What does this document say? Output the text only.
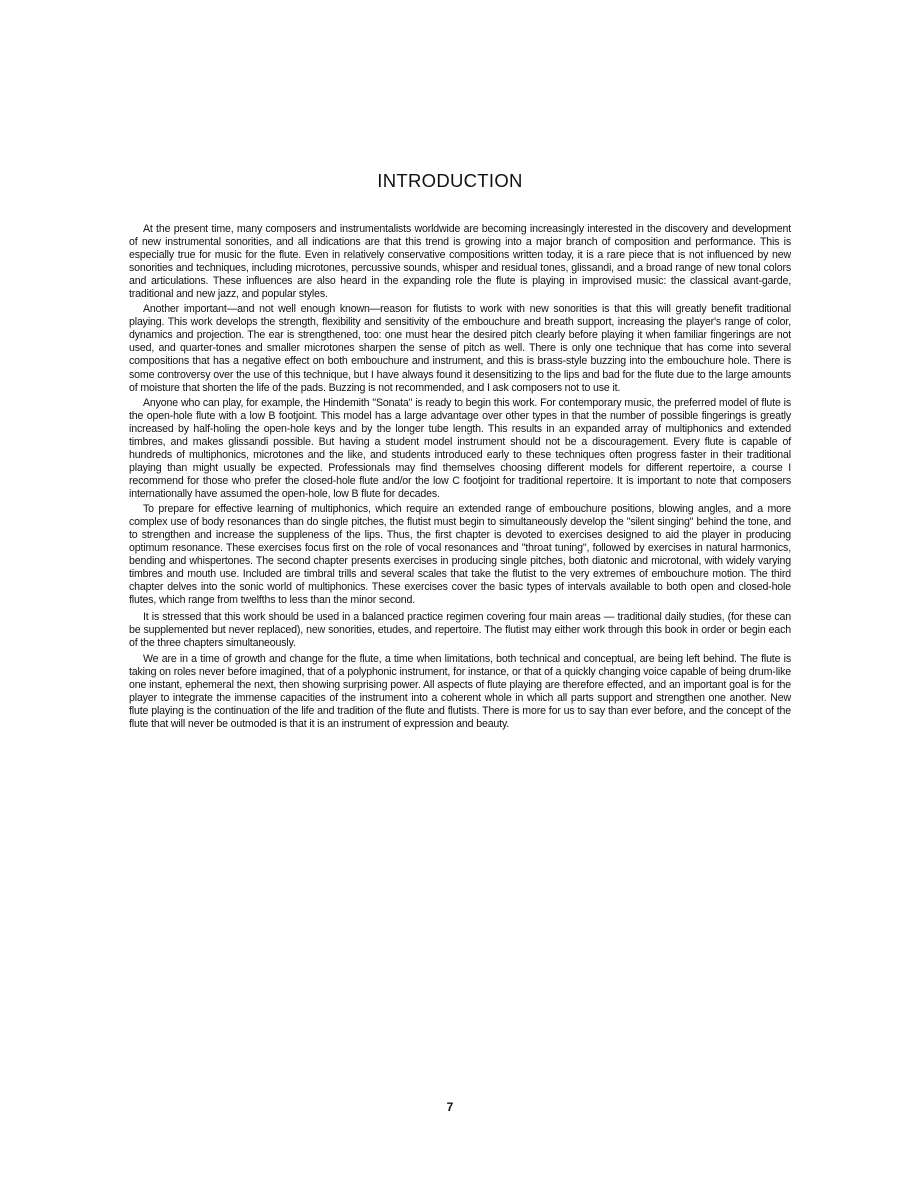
INTRODUCTION

At the present time, many composers and instrumentalists worldwide are becoming increasingly interested in the discovery and development of new instrumental sonorities, and all indications are that this trend is growing into a major branch of composition and performance. This is especially true for music for the flute. Even in relatively conservative compositions written today, it is a rare piece that is not influenced by new sonorities and techniques, including microtones, percussive sounds, whisper and residual tones, glissandi, and a broad range of new tonal colors and articulations. These influences are also heard in the expanding role the flute is playing in improvised music: the classical avant-garde, traditional and new jazz, and popular styles.

Another important—and not well enough known—reason for flutists to work with new sonorities is that this will greatly benefit traditional playing. This work develops the strength, flexibility and sensitivity of the embouchure and breath support, increasing the player's range of color, dynamics and projection. The ear is strengthened, too: one must hear the desired pitch clearly before playing it when familiar fingerings are not used, and quarter-tones and smaller microtones sharpen the sense of pitch as well. There is only one technique that has come into several compositions that has a negative effect on both embouchure and instrument, and this is brass-style buzzing into the embouchure hole. There is some controversy over the use of this technique, but I have always found it desensitizing to the lips and bad for the flute due to the large amounts of moisture that shorten the life of the pads. Buzzing is not recommended, and I ask composers not to use it.

Anyone who can play, for example, the Hindemith "Sonata" is ready to begin this work. For contemporary music, the preferred model of flute is the open-hole flute with a low B footjoint. This model has a large advantage over other types in that the number of possible fingerings is greatly increased by half-holing the open-hole keys and by the longer tube length. This results in an expanded array of multiphonics and extended timbres, and makes glissandi possible. But having a student model instrument should not be a discouragement. Every flute is capable of hundreds of multiphonics, microtones and the like, and students introduced early to these techniques often progress faster in their traditional playing than might usually be expected. Professionals may find themselves choosing different models for different repertoire, a course I recommend for those who prefer the closed-hole flute and/or the low C footjoint for traditional repertoire. It is important to note that composers internationally have assumed the open-hole, low B flute for decades.

To prepare for effective learning of multiphonics, which require an extended range of embouchure positions, blowing angles, and a more complex use of body resonances than do single pitches, the flutist must begin to simultaneously develop the "silent singing" behind the tone, and to strengthen and increase the suppleness of the lips. Thus, the first chapter is devoted to exercises designed to aid the player in producing optimum resonance. These exercises focus first on the role of vocal resonances and "throat tuning", followed by exercises in natural harmonics, bending and whispertones. The second chapter presents exercises in producing single pitches, both diatonic and microtonal, with widely varying timbres and mouth use. Included are timbral trills and several scales that take the flutist to the very extremes of embouchure motion. The third chapter delves into the sonic world of multiphonics. These exercises cover the basic types of intervals available to both open and closed-hole flutes, which range from twelfths to less than the minor second.

It is stressed that this work should be used in a balanced practice regimen covering four main areas — traditional daily studies, (for these can be supplemented but never replaced), new sonorities, etudes, and repertoire. The flutist may either work through this book in order or begin each of the three chapters simultaneously.

We are in a time of growth and change for the flute, a time when limitations, both technical and conceptual, are being left behind. The flute is taking on roles never before imagined, that of a polyphonic instrument, for instance, or that of a quickly changing voice capable of being drum-like one instant, ephemeral the next, then showing surprising power. All aspects of flute playing are therefore effected, and an important goal is for the player to integrate the immense capacities of the instrument into a coherent whole in which all parts support and strengthen one another. New flute playing is the continuation of the life and tradition of the flute and flutists. There is more for us to say than ever before, and the concept of the flute that will never be outmoded is that it is an instrument of expression and beauty.

7
